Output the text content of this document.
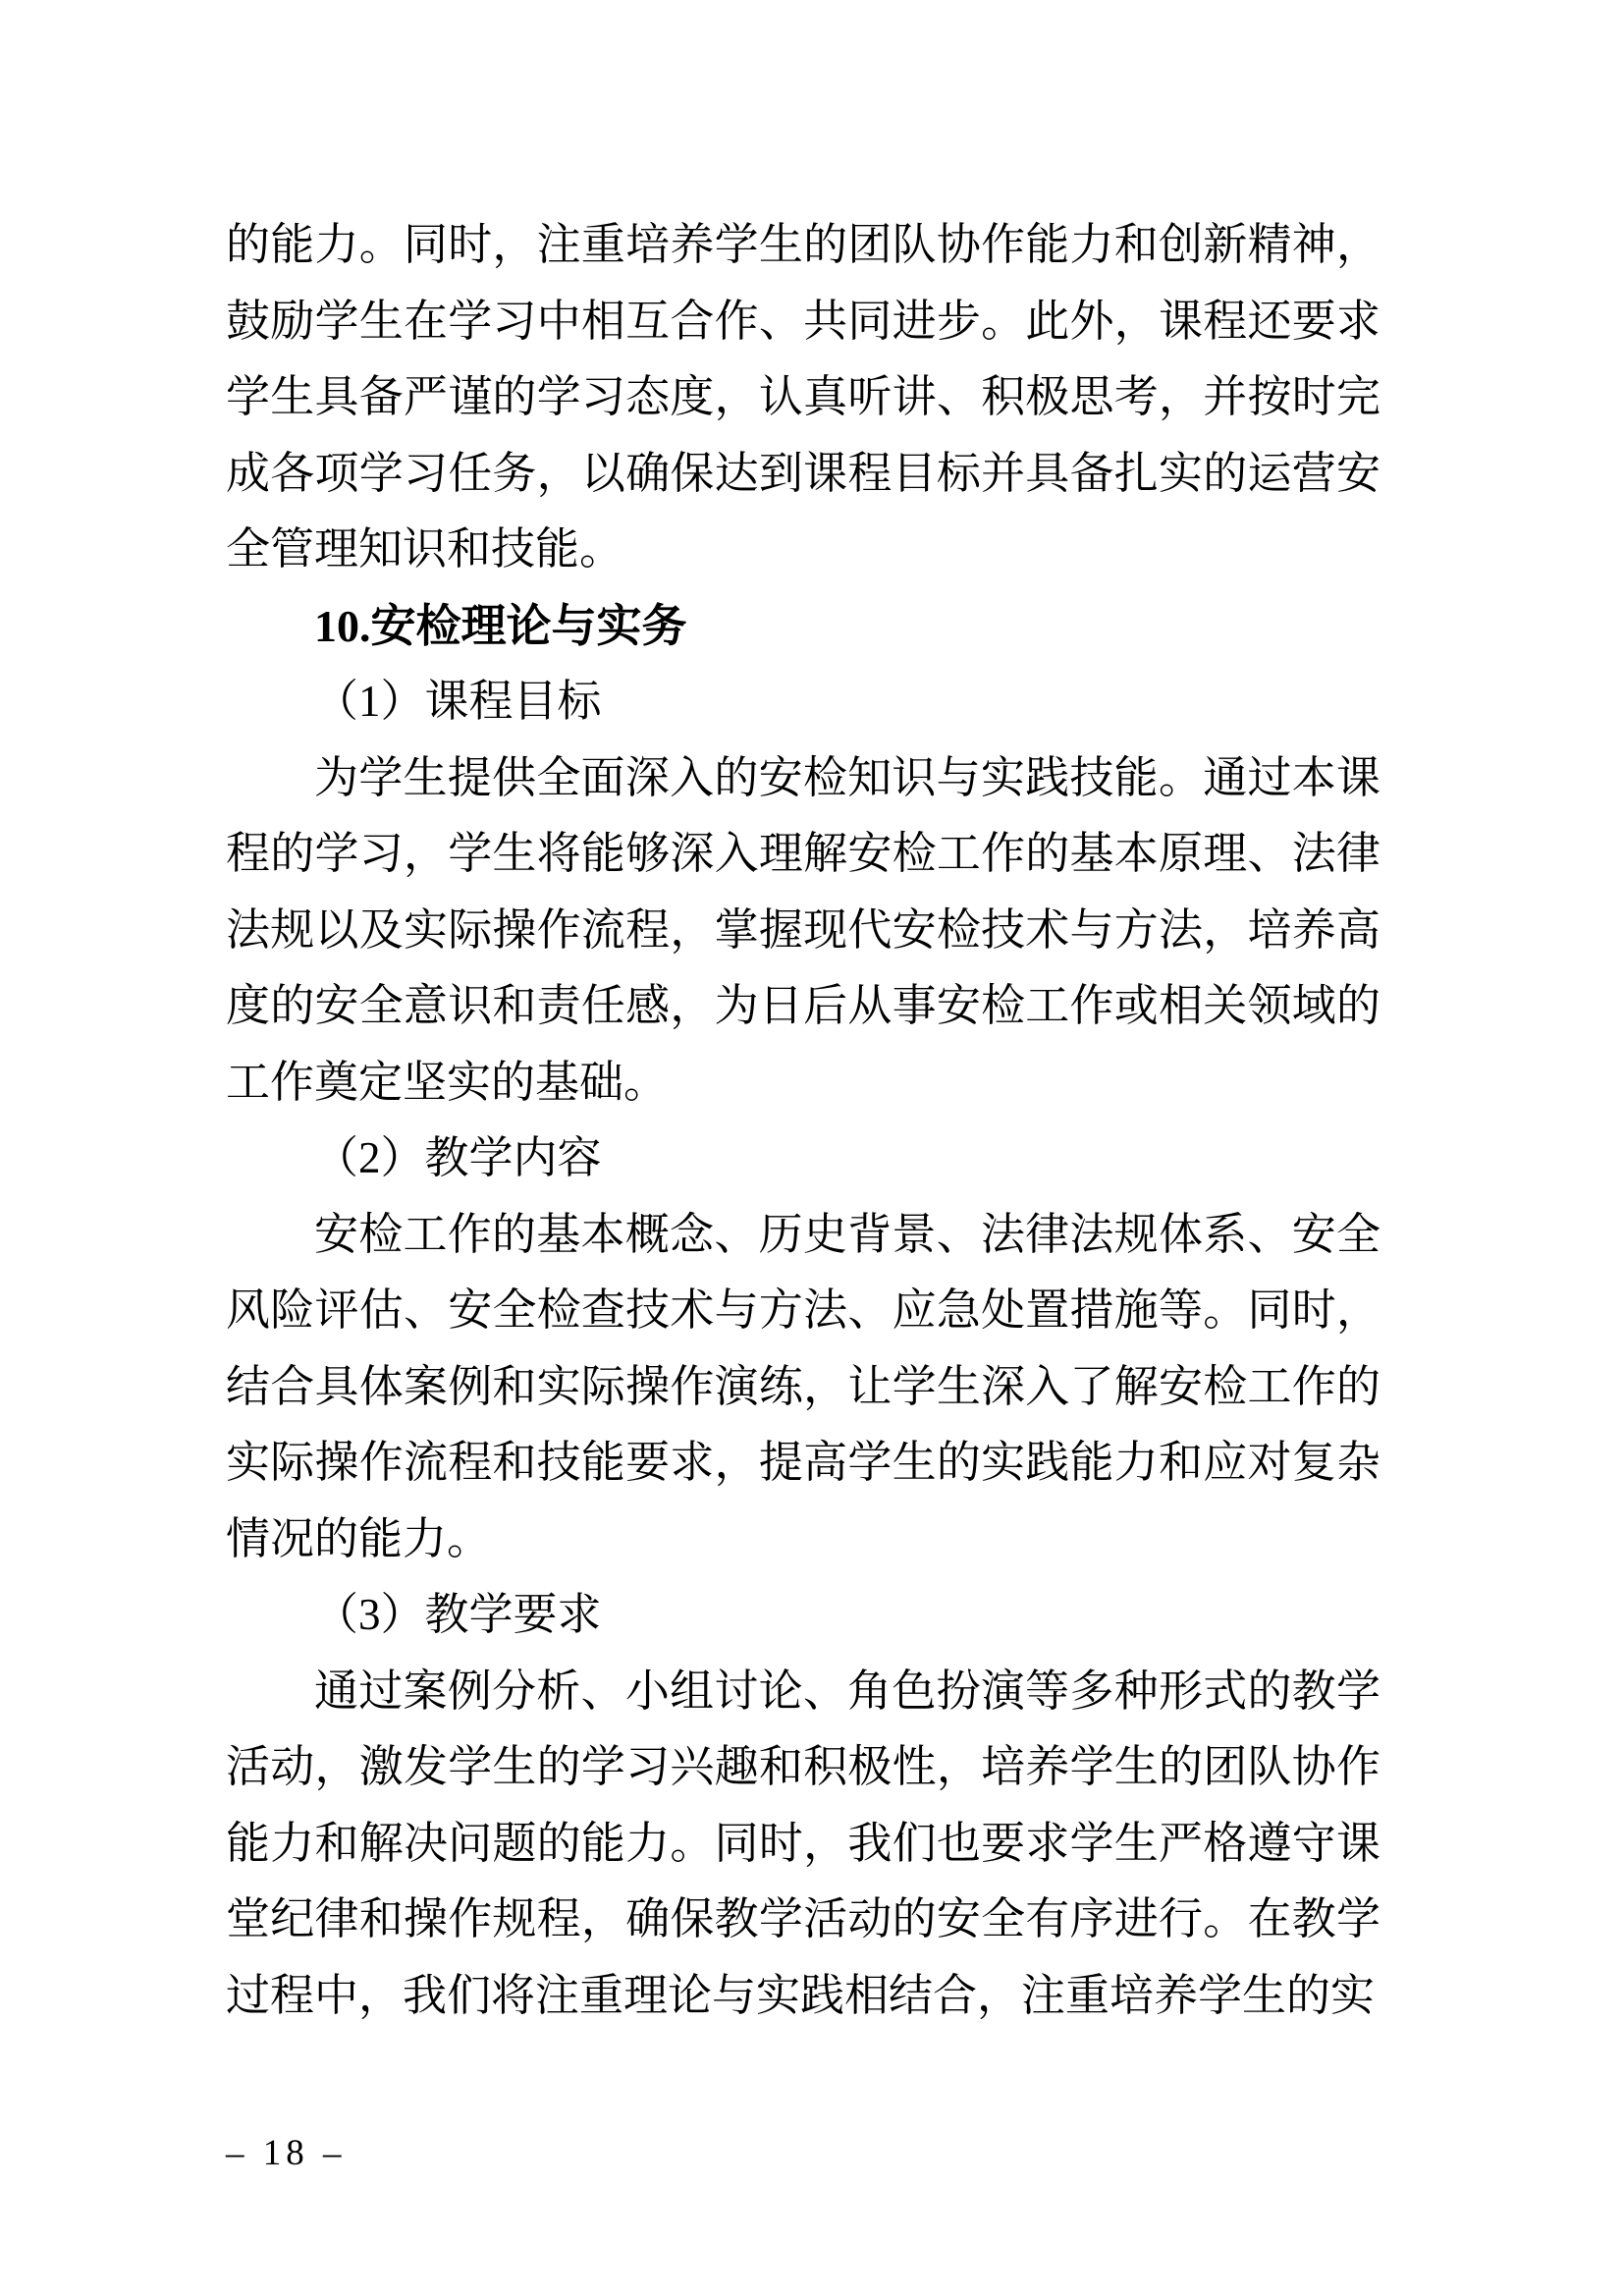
的能力。同时，注重培养学生的团队协作能力和创新精神，鼓励学生在学习中相互合作、共同进步。此外，课程还要求学生具备严谨的学习态度，认真听讲、积极思考，并按时完成各项学习任务，以确保达到课程目标并具备扎实的运营安全管理知识和技能。

10.安检理论与实务

（1）课程目标

为学生提供全面深入的安检知识与实践技能。通过本课程的学习，学生将能够深入理解安检工作的基本原理、法律法规以及实际操作流程，掌握现代安检技术与方法，培养高度的安全意识和责任感，为日后从事安检工作或相关领域的工作奠定坚实的基础。

（2）教学内容

安检工作的基本概念、历史背景、法律法规体系、安全风险评估、安全检查技术与方法、应急处置措施等。同时，结合具体案例和实际操作演练，让学生深入了解安检工作的实际操作流程和技能要求，提高学生的实践能力和应对复杂情况的能力。

（3）教学要求

通过案例分析、小组讨论、角色扮演等多种形式的教学活动，激发学生的学习兴趣和积极性，培养学生的团队协作能力和解决问题的能力。同时，我们也要求学生严格遵守课堂纪律和操作规程，确保教学活动的安全有序进行。在教学过程中，我们将注重理论与实践相结合，注重培养学生的实

– 18 –
